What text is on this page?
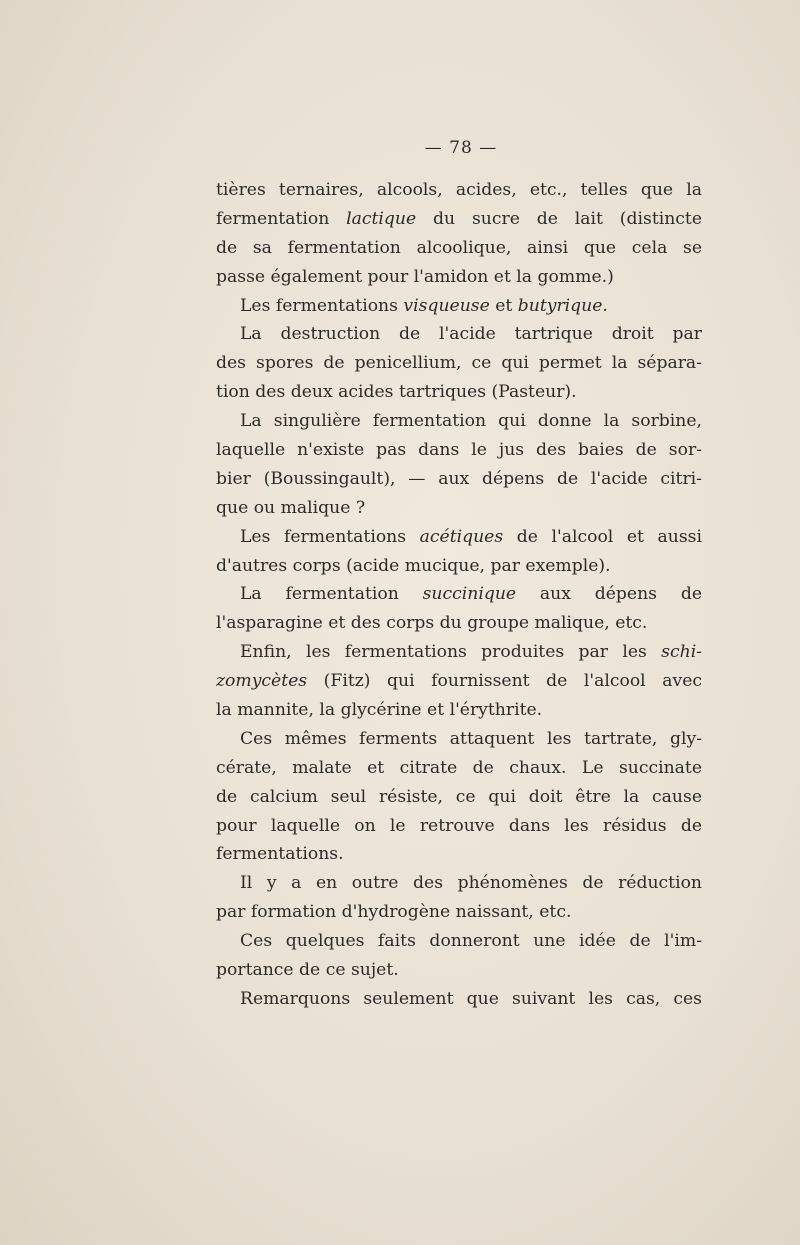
— 78 —
tières ternaires, alcools, acides, etc., telles que la
fermentation lactique du sucre de lait (distincte
de sa fermentation alcoolique, ainsi que cela se
passe également pour l'amidon et la gomme.)
Les fermentations visqueuse et butyrique.
La destruction de l'acide tartrique droit par
des spores de penicellium, ce qui permet la sépara-
tion des deux acides tartriques (Pasteur).
La singulière fermentation qui donne la sorbine,
laquelle n'existe pas dans le jus des baies de sor-
bier (Boussingault), — aux dépens de l'acide citri-
que ou malique ?
Les fermentations acétiques de l'alcool et aussi
d'autres corps (acide mucique, par exemple).
La fermentation succinique aux dépens de
l'asparagine et des corps du groupe malique, etc.
Enfin, les fermentations produites par les schi-
zomycètes (Fitz) qui fournissent de l'alcool avec
la mannite, la glycérine et l'érythrite.
Ces mêmes ferments attaquent les tartrate, gly-
cérate, malate et citrate de chaux. Le succinate
de calcium seul résiste, ce qui doit être la cause
pour laquelle on le retrouve dans les résidus de
fermentations.
Il y a en outre des phénomènes de réduction
par formation d'hydrogène naissant, etc.
Ces quelques faits donneront une idée de l'im-
portance de ce sujet.
Remarquons seulement que suivant les cas, ces
